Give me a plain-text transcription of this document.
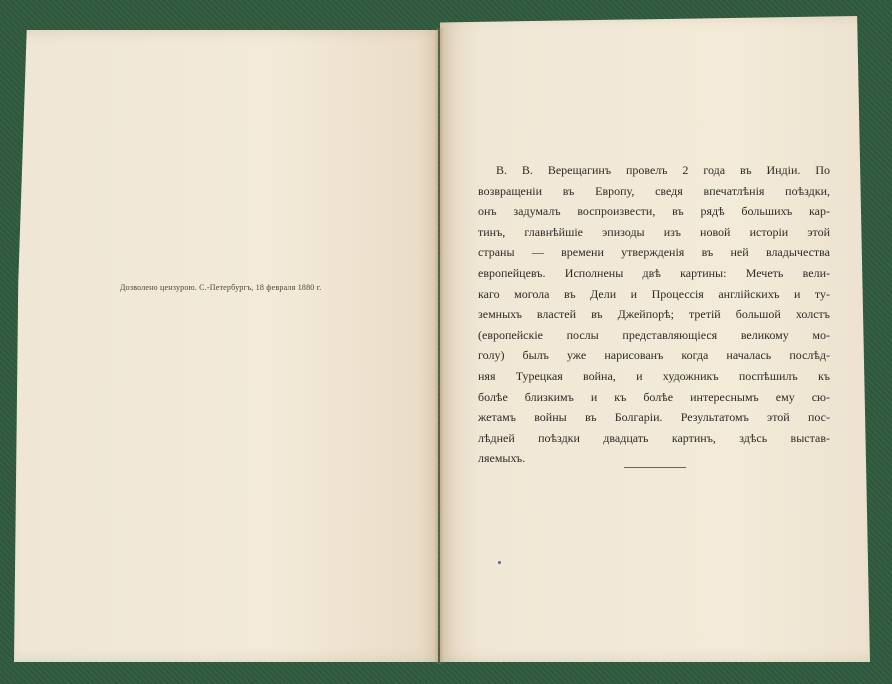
Дозволено цензурою. С.-Петербургъ, 18 февраля 1880 г.
В. В. Верещагинъ провелъ 2 года въ Индіи. По
возвращеніи въ Европу, сведя впечатлѣнія поѣздки,
онъ задумалъ воспроизвести, въ рядѣ большихъ кар-
тинъ, главнѣйшіе эпизоды изъ новой исторіи этой
страны — времени утвержденія въ ней владычества
европейцевъ. Исполнены двѣ картины: Мечеть вели-
каго могола въ Дели и Процессія англійскихъ и ту-
земныхъ властей въ Джейпорѣ; третій большой холстъ
(европейскіе послы представляющіеся великому мо-
голу) былъ уже нарисованъ когда началась послѣд-
няя Турецкая война, и художникъ поспѣшилъ къ
болѣе близкимъ и къ болѣе интереснымъ ему сю-
жетамъ войны въ Болгаріи. Результатомъ этой пос-
лѣдней поѣздки двадцать картинъ, здѣсь выстав-
ляемыхъ.
